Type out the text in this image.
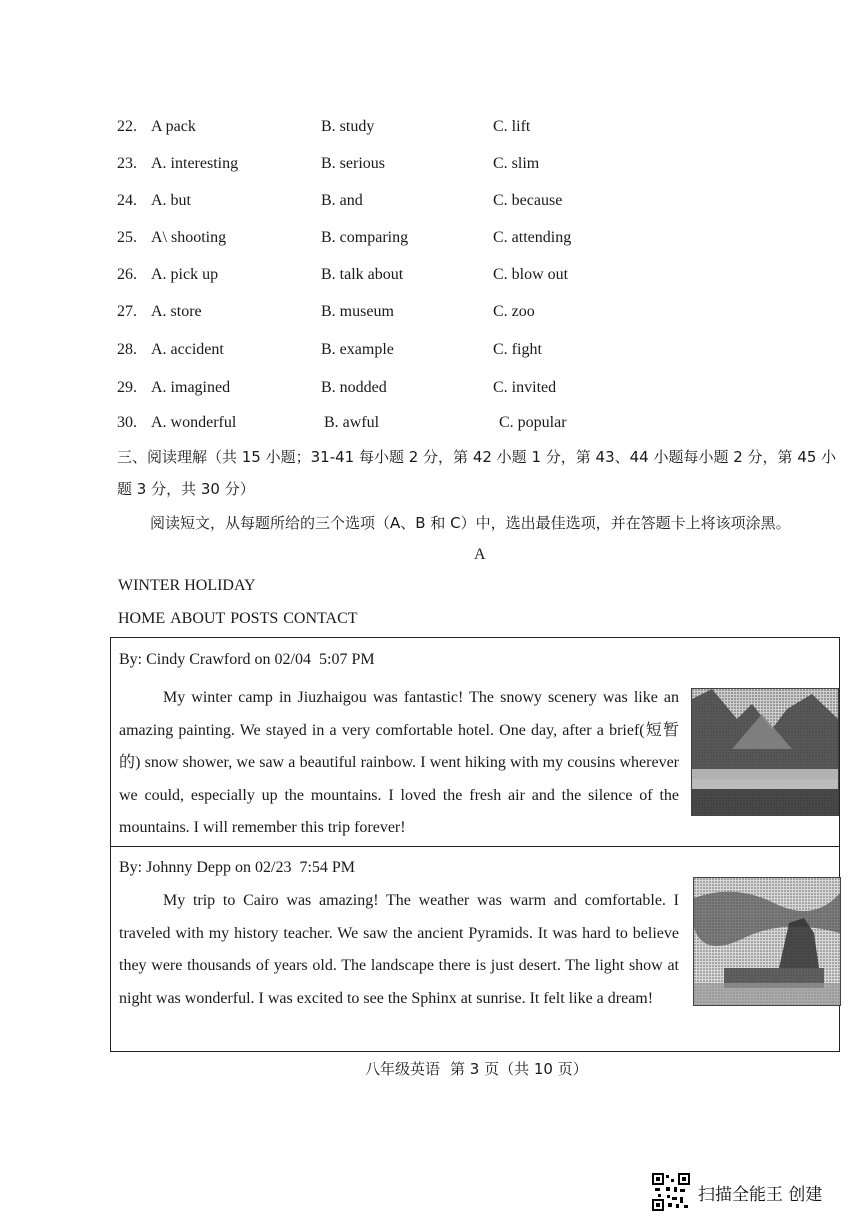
22. A pack	B. study	C. lift
23. A. interesting	B. serious	C. slim
24. A. but	B. and	C. because
25. A\ shooting	B. comparing	C. attending
26. A. pick up	B. talk about	C. blow out
27. A. store	B. museum	C. zoo
28. A. accident	B. example	C. fight
29. A. imagined	B. nodded	C. invited
30. A. wonderful	B. awful	C. popular
三、阅读理解（共 15 小题；31-41 每小题 2 分，第 42 小题 1 分，第 43、44 小题每小题 2 分，第 45 小题 3 分，共 30 分）
阅读短文，从每题所给的三个选项（A、B 和 C）中，选出最佳选项，并在答题卡上将该项涂黑。
A
WINTER HOLIDAY
HOME ABOUT POSTS CONTACT
By: Cindy Crawford on 02/04 5:07 PM
My winter camp in Jiuzhaigou was fantastic! The snowy scenery was like an amazing painting. We stayed in a very comfortable hotel. One day, after a brief(短暂的) snow shower, we saw a beautiful rainbow. I went hiking with my cousins wherever we could, especially up the mountains. I loved the fresh air and the silence of the mountains. I will remember this trip forever!
By: Johnny Depp on 02/23 7:54 PM
My trip to Cairo was amazing! The weather was warm and comfortable. I traveled with my history teacher. We saw the ancient Pyramids. It was hard to believe they were thousands of years old. The landscape there is just desert. The light show at night was wonderful. I was excited to see the Sphinx at sunrise. It felt like a dream!
八年级英语 第 3 页（共 10 页）
扫描全能王 创建
